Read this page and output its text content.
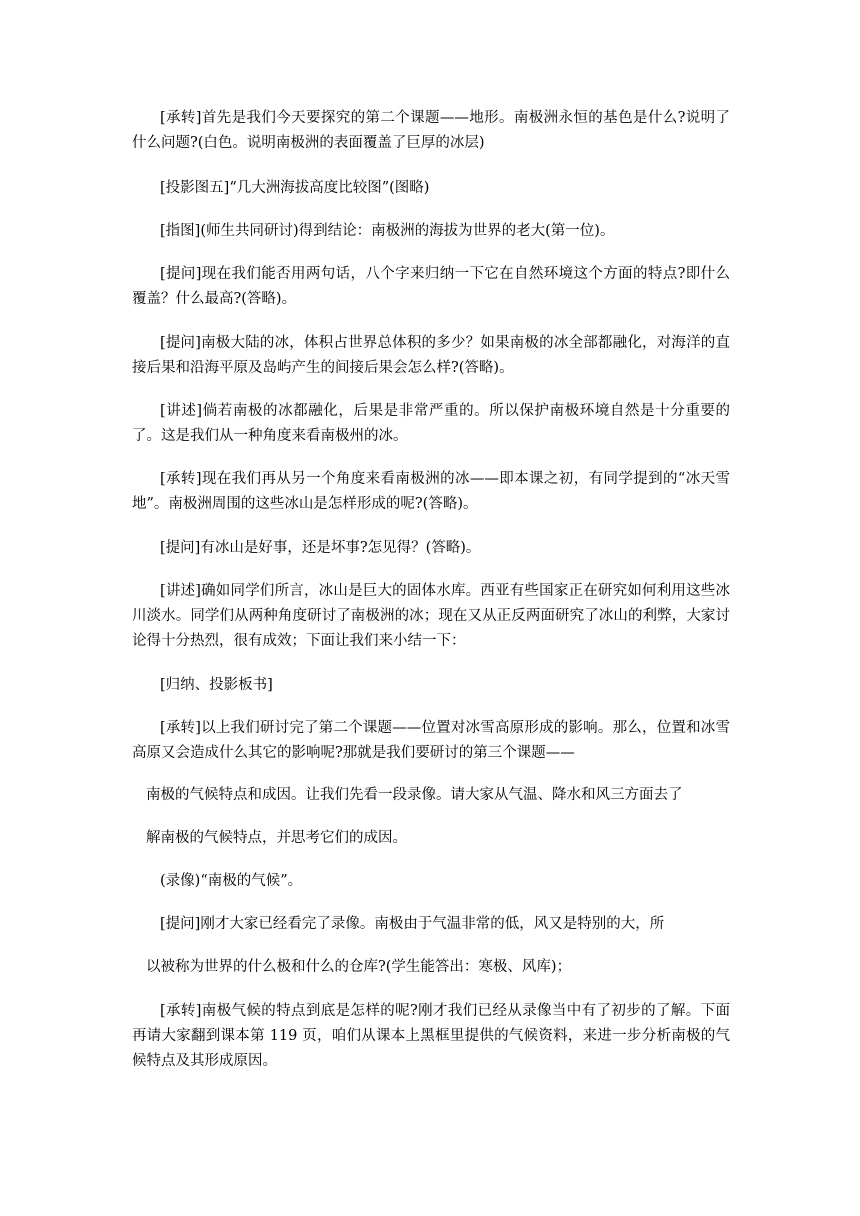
[承转]首先是我们今天要探究的第二个课题——地形。南极洲永恒的基色是什么?说明了什么问题?(白色。说明南极洲的表面覆盖了巨厚的冰层)

[投影图五]“几大洲海拔高度比较图”(图略)

[指图](师生共同研讨)得到结论：南极洲的海拔为世界的老大(第一位)。

[提问]现在我们能否用两句话，八个字来归纳一下它在自然环境这个方面的特点?即什么覆盖？什么最高?(答略)。

[提问]南极大陆的冰，体积占世界总体积的多少？如果南极的冰全部都融化，对海洋的直接后果和沿海平原及岛屿产生的间接后果会怎么样?(答略)。

[讲述]倘若南极的冰都融化，后果是非常严重的。所以保护南极环境自然是十分重要的了。这是我们从一种角度来看南极州的冰。

[承转]现在我们再从另一个角度来看南极洲的冰——即本课之初，有同学提到的“冰天雪地”。南极洲周围的这些冰山是怎样形成的呢?(答略)。

[提问]有冰山是好事，还是坏事?怎见得？(答略)。

[讲述]确如同学们所言，冰山是巨大的固体水库。西亚有些国家正在研究如何利用这些冰川淡水。同学们从两种角度研讨了南极洲的冰；现在又从正反两面研究了冰山的利弊，大家讨论得十分热烈，很有成效；下面让我们来小结一下：

[归纳、投影板书]

[承转]以上我们研讨完了第二个课题——位置对冰雪高原形成的影响。那么，位置和冰雪高原又会造成什么其它的影响呢?那就是我们要研讨的第三个课题——

南极的气候特点和成因。让我们先看一段录像。请大家从气温、降水和风三方面去了

解南极的气候特点，并思考它们的成因。

(录像)“南极的气候”。

[提问]刚才大家已经看完了录像。南极由于气温非常的低，风又是特别的大，所

以被称为世界的什么极和什么的仓库?(学生能答出：寒极、风库)；

[承转]南极气候的特点到底是怎样的呢?刚才我们已经从录像当中有了初步的了解。下面再请大家翻到课本第 119 页，咱们从课本上黑框里提供的气候资料，来进一步分析南极的气候特点及其形成原因。
